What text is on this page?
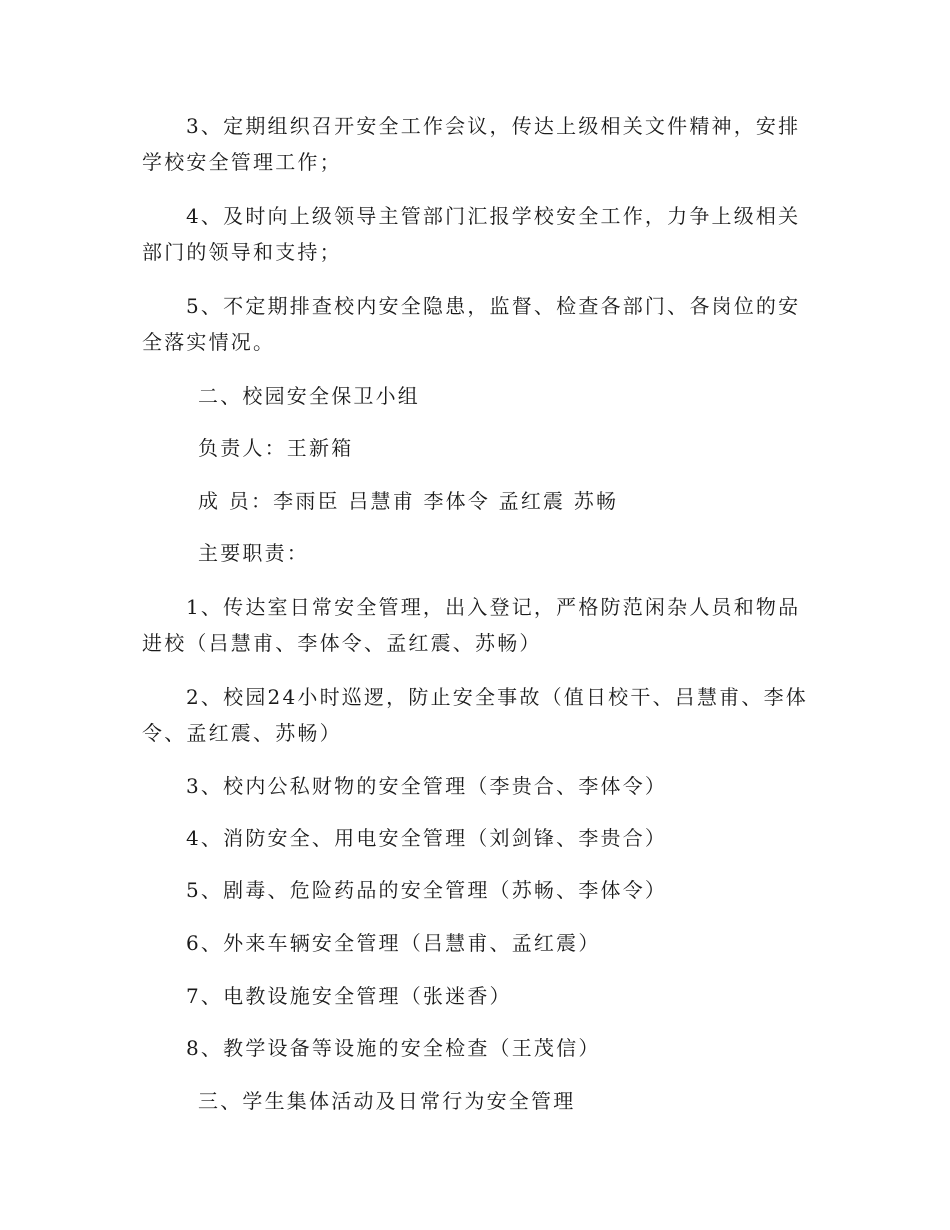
3、定期组织召开安全工作会议，传达上级相关文件精神，安排学校安全管理工作；

4、及时向上级领导主管部门汇报学校安全工作，力争上级相关部门的领导和支持；

5、不定期排查校内安全隐患，监督、检查各部门、各岗位的安全落实情况。

二、校园安全保卫小组

负责人：王新箱

成 员：李雨臣 吕慧甫 李体令 孟红震 苏畅

主要职责：

1、传达室日常安全管理，出入登记，严格防范闲杂人员和物品进校（吕慧甫、李体令、孟红震、苏畅）

2、校园24小时巡逻，防止安全事故（值日校干、吕慧甫、李体令、孟红震、苏畅）

3、校内公私财物的安全管理（李贵合、李体令）

4、消防安全、用电安全管理（刘剑锋、李贵合）

5、剧毒、危险药品的安全管理（苏畅、李体令）

6、外来车辆安全管理（吕慧甫、孟红震）

7、电教设施安全管理（张迷香）

8、教学设备等设施的安全检查（王茂信）

三、学生集体活动及日常行为安全管理
